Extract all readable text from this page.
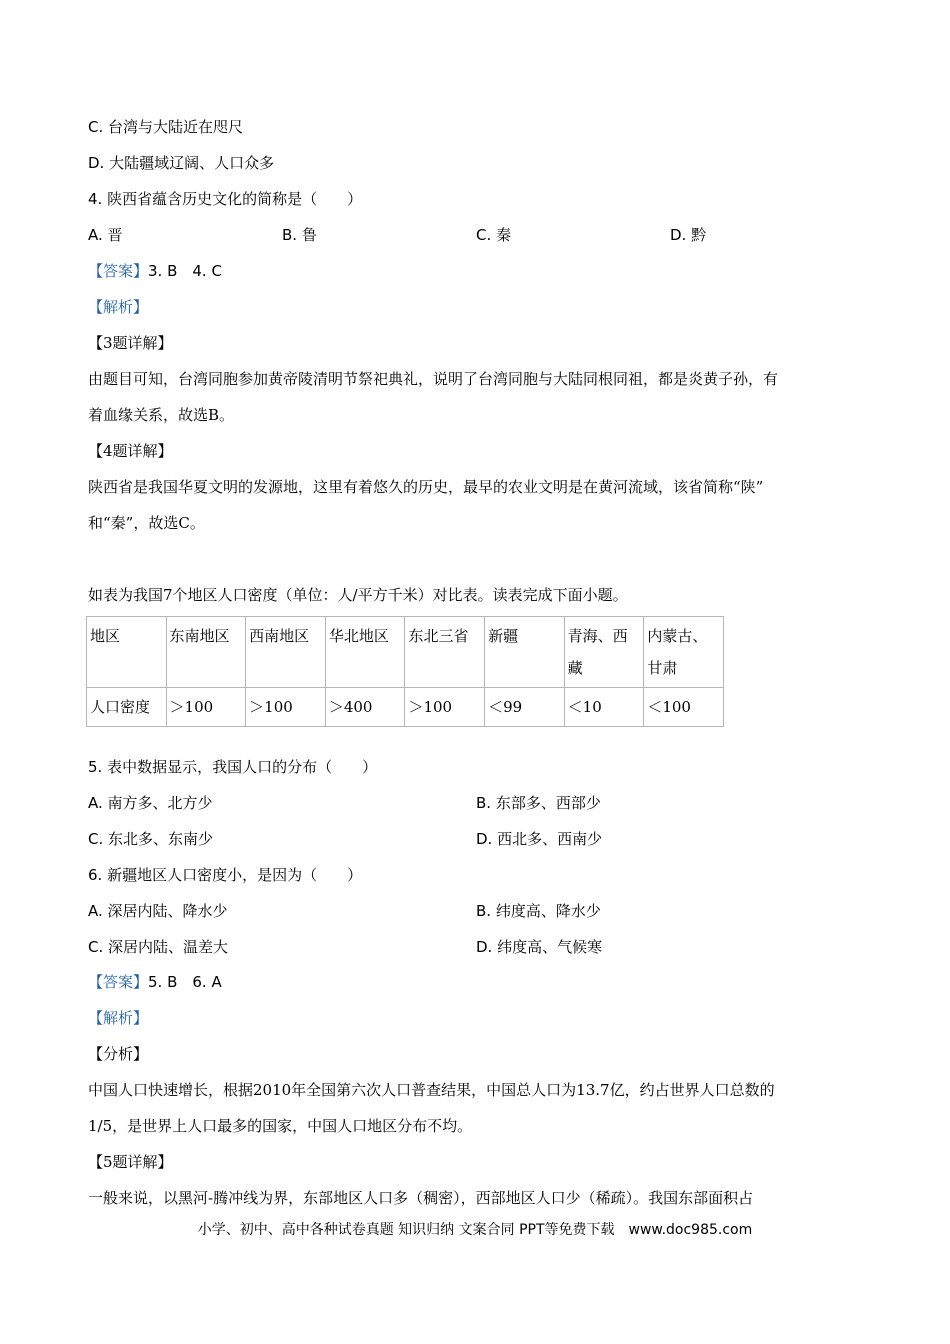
C. 台湾与大陆近在咫尺
D. 大陆疆域辽阔、人口众多
4. 陕西省蕴含历史文化的简称是（　　）
A. 晋	B. 鲁	C. 秦	D. 黔
【答案】3. B　4. C
【解析】
【3题详解】
由题目可知，台湾同胞参加黄帝陵清明节祭祀典礼，说明了台湾同胞与大陆同根同祖，都是炎黄子孙，有
着血缘关系，故选B。
【4题详解】
陕西省是我国华夏文明的发源地，这里有着悠久的历史，最早的农业文明是在黄河流域，该省简称“陕”
和“秦”，故选C。
如表为我国7个地区人口密度（单位：人/平方千米）对比表。读表完成下面小题。
地区	东南地区	西南地区	华北地区	东北三省	新疆	青海、西藏	内蒙古、甘肃
人口密度	＞100	＞100	＞400	＞100	＜99	＜10	＜100
5. 表中数据显示，我国人口的分布（　　）
A. 南方多、北方少	B. 东部多、西部少
C. 东北多、东南少	D. 西北多、西南少
6. 新疆地区人口密度小，是因为（　　）
A. 深居内陆、降水少	B. 纬度高、降水少
C. 深居内陆、温差大	D. 纬度高、气候寒
【答案】5. B　6. A
【解析】
【分析】
中国人口快速增长，根据2010年全国第六次人口普查结果，中国总人口为13.7亿，约占世界人口总数的
1/5，是世界上人口最多的国家，中国人口地区分布不均。
【5题详解】
一般来说，以黑河-腾冲线为界，东部地区人口多（稠密），西部地区人口少（稀疏）。我国东部面积占
小学、初中、高中各种试卷真题 知识归纳 文案合同 PPT等免费下载　www.doc985.com
